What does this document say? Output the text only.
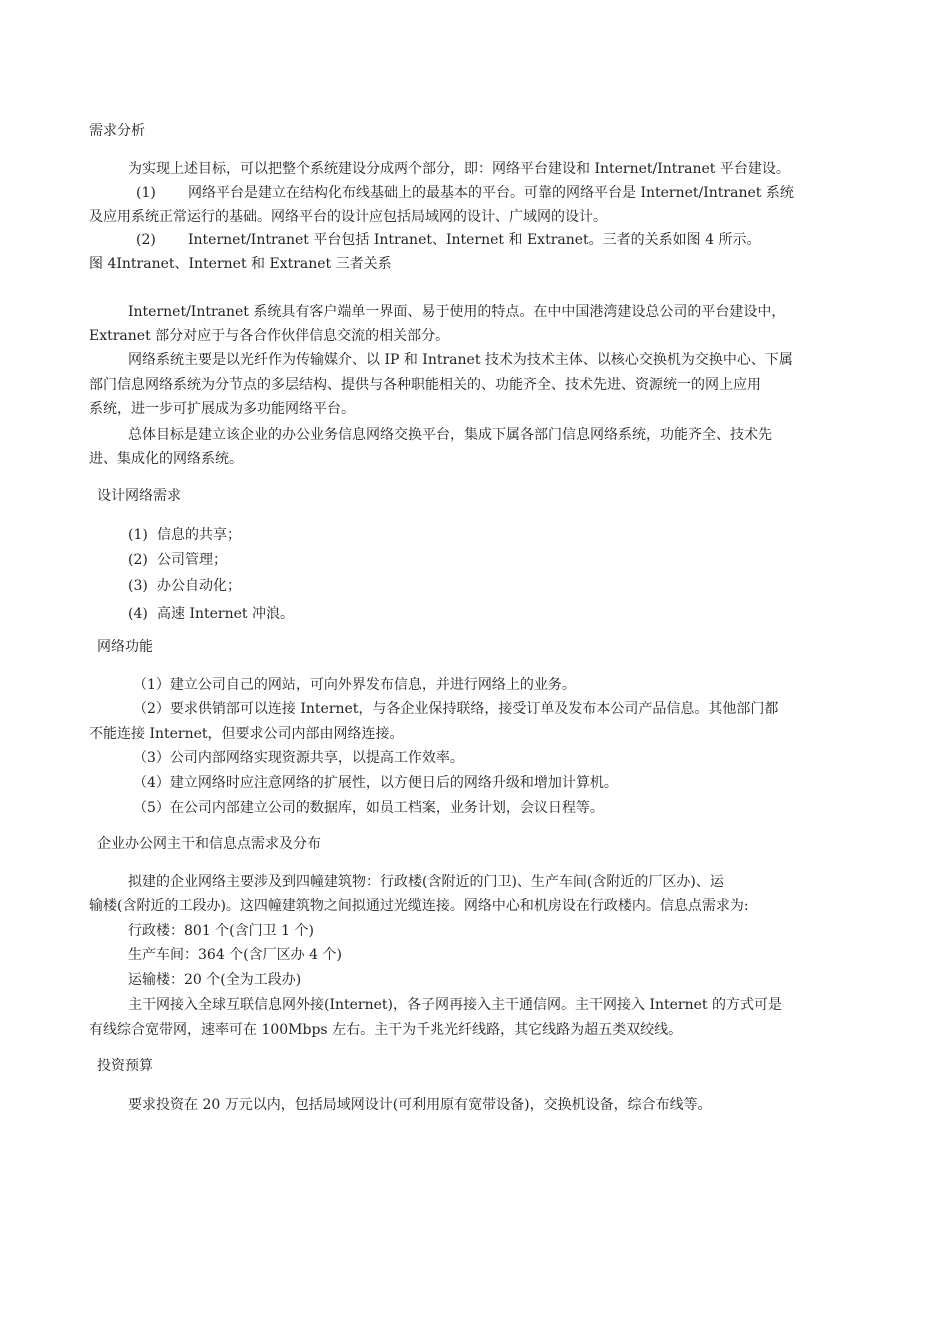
需求分析
为实现上述目标，可以把整个系统建设分成两个部分，即：网络平台建设和 Internet/Intranet 平台建设。
(1) 网络平台是建立在结构化布线基础上的最基本的平台。可靠的网络平台是 Internet/Intranet 系统
及应用系统正常运行的基础。网络平台的设计应包括局域网的设计、广域网的设计。
(2) Internet/Intranet 平台包括 Intranet、Internet 和 Extranet。三者的关系如图 4 所示。
图 4Intranet、Internet 和 Extranet 三者关系
Internet/Intranet 系统具有客户端单一界面、易于使用的特点。在中中国港湾建设总公司的平台建设中，
Extranet 部分对应于与各合作伙伴信息交流的相关部分。
网络系统主要是以光纤作为传输媒介、以 IP 和 Intranet 技术为技术主体、以核心交换机为交换中心、下属
部门信息网络系统为分节点的多层结构、提供与各种职能相关的、功能齐全、技术先进、资源统一的网上应用
系统，进一步可扩展成为多功能网络平台。
总体目标是建立该企业的办公业务信息网络交换平台，集成下属各部门信息网络系统，功能齐全、技术先
进、集成化的网络系统。
设计网络需求
(1) 信息的共享；
(2) 公司管理；
(3) 办公自动化；
(4) 高速 Internet 冲浪。
网络功能
（1）建立公司自己的网站，可向外界发布信息，并进行网络上的业务。
（2）要求供销部可以连接 Internet，与各企业保持联络，接受订单及发布本公司产品信息。其他部门都
不能连接 Internet，但要求公司内部由网络连接。
（3）公司内部网络实现资源共享，以提高工作效率。
（4）建立网络时应注意网络的扩展性，以方便日后的网络升级和增加计算机。
（5）在公司内部建立公司的数据库，如员工档案，业务计划，会议日程等。
企业办公网主干和信息点需求及分布
拟建的企业网络主要涉及到四幢建筑物：行政楼(含附近的门卫)、生产车间(含附近的厂区办)、运
输楼(含附近的工段办)。这四幢建筑物之间拟通过光缆连接。网络中心和机房设在行政楼内。信息点需求为:
行政楼：801 个(含门卫 1 个)
生产车间：364 个(含厂区办 4 个)
运输楼：20 个(全为工段办)
主干网接入全球互联信息网外接(Internet)，各子网再接入主干通信网。主干网接入 Internet 的方式可是
有线综合宽带网，速率可在 100Mbps 左右。主干为千兆光纤线路，其它线路为超五类双绞线。
投资预算
要求投资在 20 万元以内，包括局域网设计(可利用原有宽带设备)，交换机设备，综合布线等。
